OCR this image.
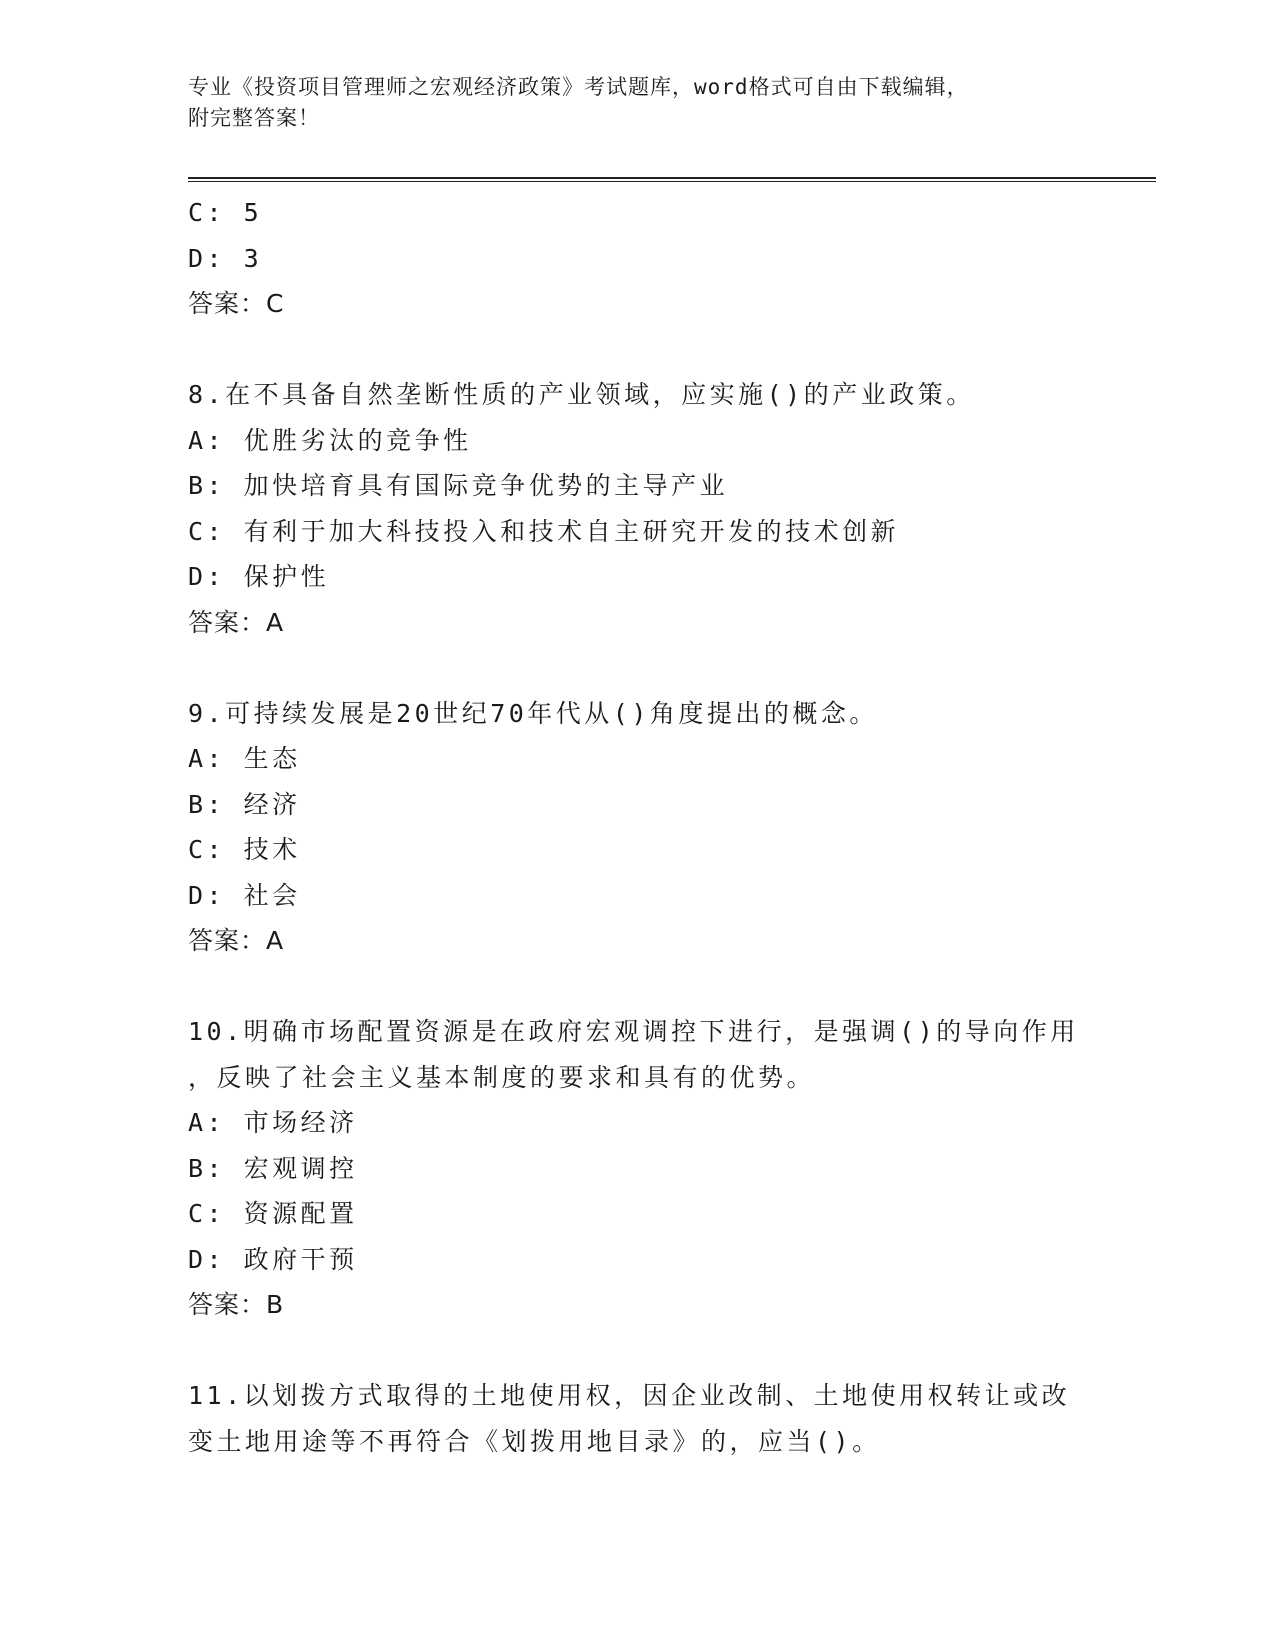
专业《投资项目管理师之宏观经济政策》考试题库，word格式可自由下载编辑，
附完整答案！
C: 5
D: 3
答案：C
8.在不具备自然垄断性质的产业领域，应实施()的产业政策。
A: 优胜劣汰的竞争性
B: 加快培育具有国际竞争优势的主导产业
C: 有利于加大科技投入和技术自主研究开发的技术创新
D: 保护性
答案：A
9.可持续发展是20世纪70年代从()角度提出的概念。
A: 生态
B: 经济
C: 技术
D: 社会
答案：A
10.明确市场配置资源是在政府宏观调控下进行，是强调()的导向作用
，反映了社会主义基本制度的要求和具有的优势。
A: 市场经济
B: 宏观调控
C: 资源配置
D: 政府干预
答案：B
11.以划拨方式取得的土地使用权，因企业改制、土地使用权转让或改
变土地用途等不再符合《划拨用地目录》的，应当()。
